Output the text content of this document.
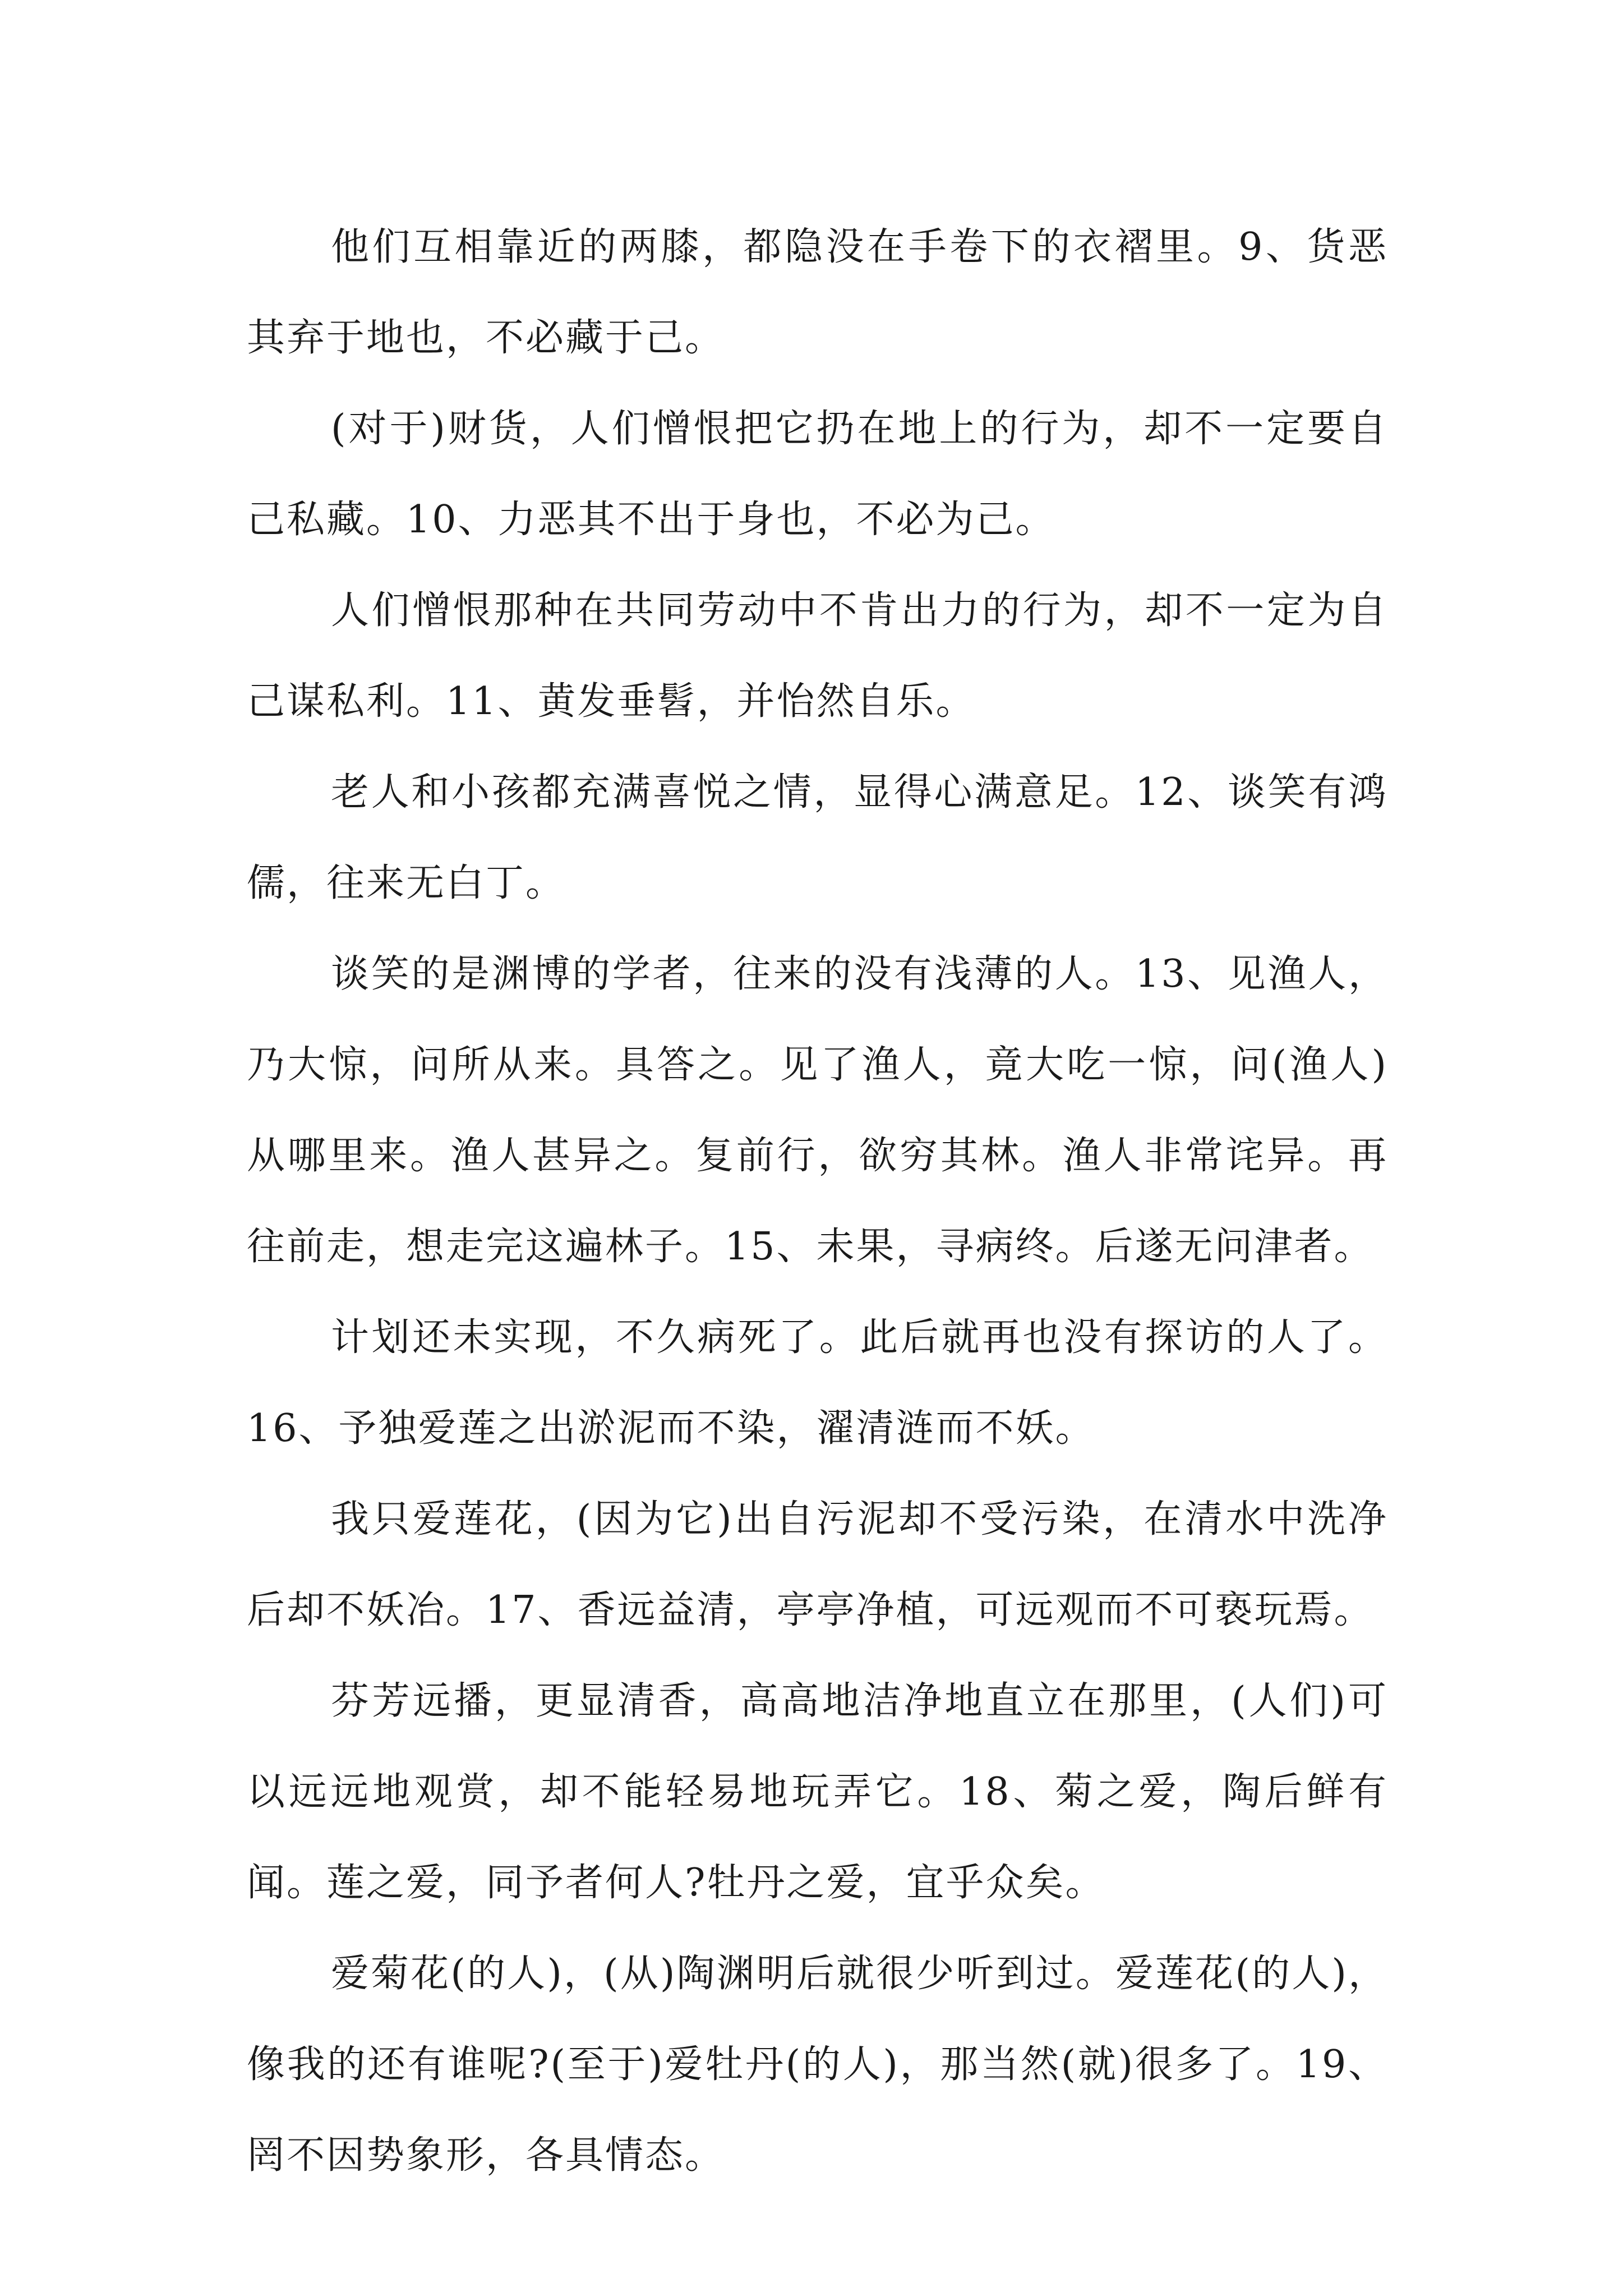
他们互相靠近的两膝，都隐没在手卷下的衣褶里。9、货恶其弃于地也，不必藏于己。

(对于)财货，人们憎恨把它扔在地上的行为，却不一定要自己私藏。10、力恶其不出于身也，不必为己。

人们憎恨那种在共同劳动中不肯出力的行为，却不一定为自己谋私利。11、黄发垂髫，并怡然自乐。

老人和小孩都充满喜悦之情，显得心满意足。12、谈笑有鸿儒，往来无白丁。

谈笑的是渊博的学者，往来的没有浅薄的人。13、见渔人，乃大惊，问所从来。具答之。见了渔人，竟大吃一惊，问(渔人)从哪里来。渔人甚异之。复前行，欲穷其林。渔人非常诧异。再往前走，想走完这遍林子。15、未果，寻病终。后遂无问津者。

计划还未实现，不久病死了。此后就再也没有探访的人了。16、予独爱莲之出淤泥而不染，濯清涟而不妖。

我只爱莲花，(因为它)出自污泥却不受污染，在清水中洗净后却不妖冶。17、香远益清，亭亭净植，可远观而不可亵玩焉。

芬芳远播，更显清香，高高地洁净地直立在那里，(人们)可以远远地观赏，却不能轻易地玩弄它。18、菊之爱，陶后鲜有闻。莲之爱，同予者何人?牡丹之爱，宜乎众矣。

爱菊花(的人)，(从)陶渊明后就很少听到过。爱莲花(的人)，像我的还有谁呢?(至于)爱牡丹(的人)，那当然(就)很多了。19、罔不因势象形，各具情态。
